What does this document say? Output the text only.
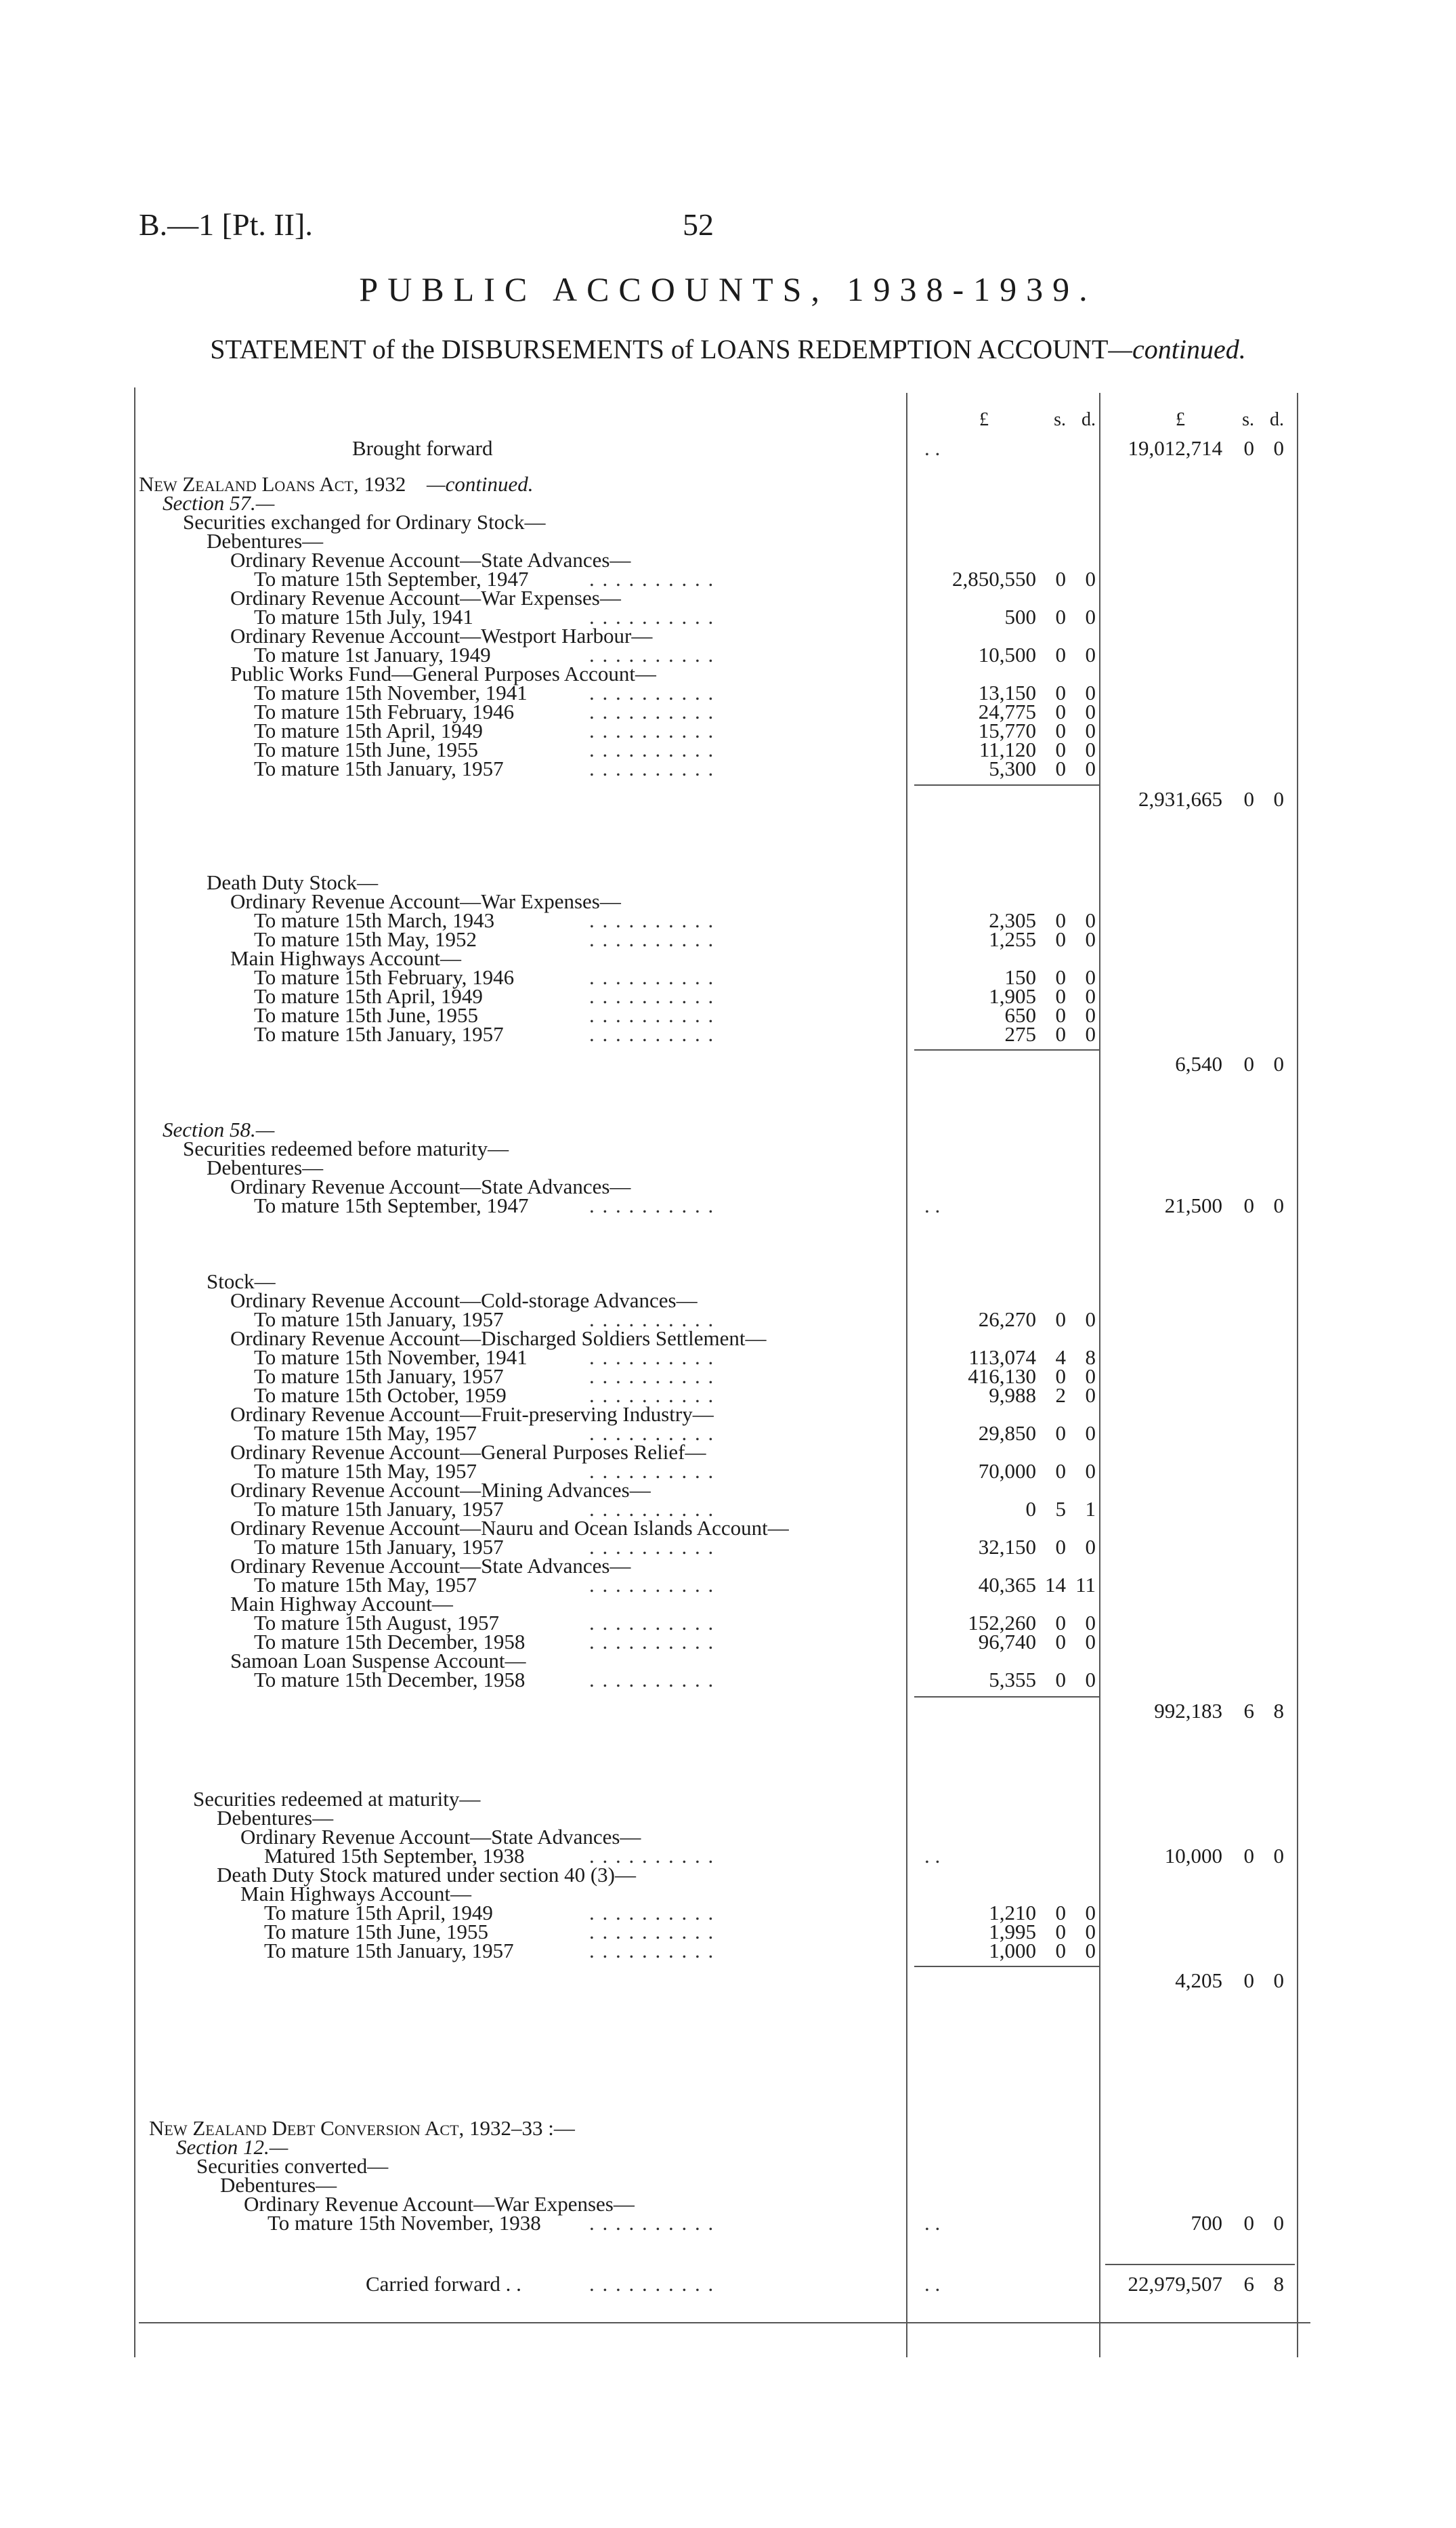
B.—1 [Pt. II].	52
PUBLIC ACCOUNTS, 1938-1939.
STATEMENT of the DISBURSEMENTS of LOANS REDEMPTION ACCOUNT—continued.
£	s. d.	£	s. d.
Brought forward	. .	19,012,714	0 0
New Zealand Loans Act, 1932 —continued.
Section 57.—
Securities exchanged for Ordinary Stock—
Debentures—
Ordinary Revenue Account—State Advances—
To mature 15th September, 1947	. . . . . . . . . .	2,850,550 0 0
Ordinary Revenue Account—War Expenses—
To mature 15th July, 1941	. . . . . . . . . .	500 0 0
Ordinary Revenue Account—Westport Harbour—
To mature 1st January, 1949	. . . . . . . . . .	10,500 0 0
Public Works Fund—General Purposes Account—
To mature 15th November, 1941	. . . . . . . . . .	13,150 0 0
To mature 15th February, 1946	. . . . . . . . . .	24,775 0 0
To mature 15th April, 1949	. . . . . . . . . .	15,770 0 0
To mature 15th June, 1955	. . . . . . . . . .	11,120 0 0
To mature 15th January, 1957	. . . . . . . . . .	5,300 0 0
2,931,665	0 0
Death Duty Stock—
Ordinary Revenue Account—War Expenses—
To mature 15th March, 1943	. . . . . . . . . .	2,305 0 0
To mature 15th May, 1952	. . . . . . . . . .	1,255 0 0
Main Highways Account—
To mature 15th February, 1946	. . . . . . . . . .	150 0 0
To mature 15th April, 1949	. . . . . . . . . .	1,905 0 0
To mature 15th June, 1955	. . . . . . . . . .	650 0 0
To mature 15th January, 1957	. . . . . . . . . .	275 0 0
6,540	0 0
Section 58.—
Securities redeemed before maturity—
Debentures—
Ordinary Revenue Account—State Advances—
To mature 15th September, 1947	. . . . . . . . . .	. .	21,500	0 0
Stock—
Ordinary Revenue Account—Cold-storage Advances—
To mature 15th January, 1957	. . . . . . . . . .	26,270 0 0
Ordinary Revenue Account—Discharged Soldiers Settlement—
To mature 15th November, 1941	. . . . . . . . . .	113,074 4 8
To mature 15th January, 1957	. . . . . . . . . .	416,130 0 0
To mature 15th October, 1959	. . . . . . . . . .	9,988 2 0
Ordinary Revenue Account—Fruit-preserving Industry—
To mature 15th May, 1957	. . . . . . . . . .	29,850 0 0
Ordinary Revenue Account—General Purposes Relief—
To mature 15th May, 1957	. . . . . . . . . .	70,000 0 0
Ordinary Revenue Account—Mining Advances—
To mature 15th January, 1957	. . . . . . . . . .	0 5 1
Ordinary Revenue Account—Nauru and Ocean Islands Account—
To mature 15th January, 1957	. . . . . . . . . .	32,150 0 0
Ordinary Revenue Account—State Advances—
To mature 15th May, 1957	. . . . . . . . . .	40,365 14 11
Main Highway Account—
To mature 15th August, 1957	. . . . . . . . . .	152,260 0 0
To mature 15th December, 1958	. . . . . . . . . .	96,740 0 0
Samoan Loan Suspense Account—
To mature 15th December, 1958	. . . . . . . . . .	5,355 0 0
992,183	6 8
Securities redeemed at maturity—
Debentures—
Ordinary Revenue Account—State Advances—
Matured 15th September, 1938	. . . . . . . . . .	. .	10,000	0 0
Death Duty Stock matured under section 40 (3)—
Main Highways Account—
To mature 15th April, 1949	. . . . . . . . . .	1,210 0 0
To mature 15th June, 1955	. . . . . . . . . .	1,995 0 0
To mature 15th January, 1957	. . . . . . . . . .	1,000 0 0
4,205	0 0
New Zealand Debt Conversion Act, 1932–33 :—
Section 12.—
Securities converted—
Debentures—
Ordinary Revenue Account—War Expenses—
To mature 15th November, 1938 . . . . . . . . . .	. .	700	0 0
Carried forward . .	. . . . . . . . . .	. .	22,979,507	6 8
